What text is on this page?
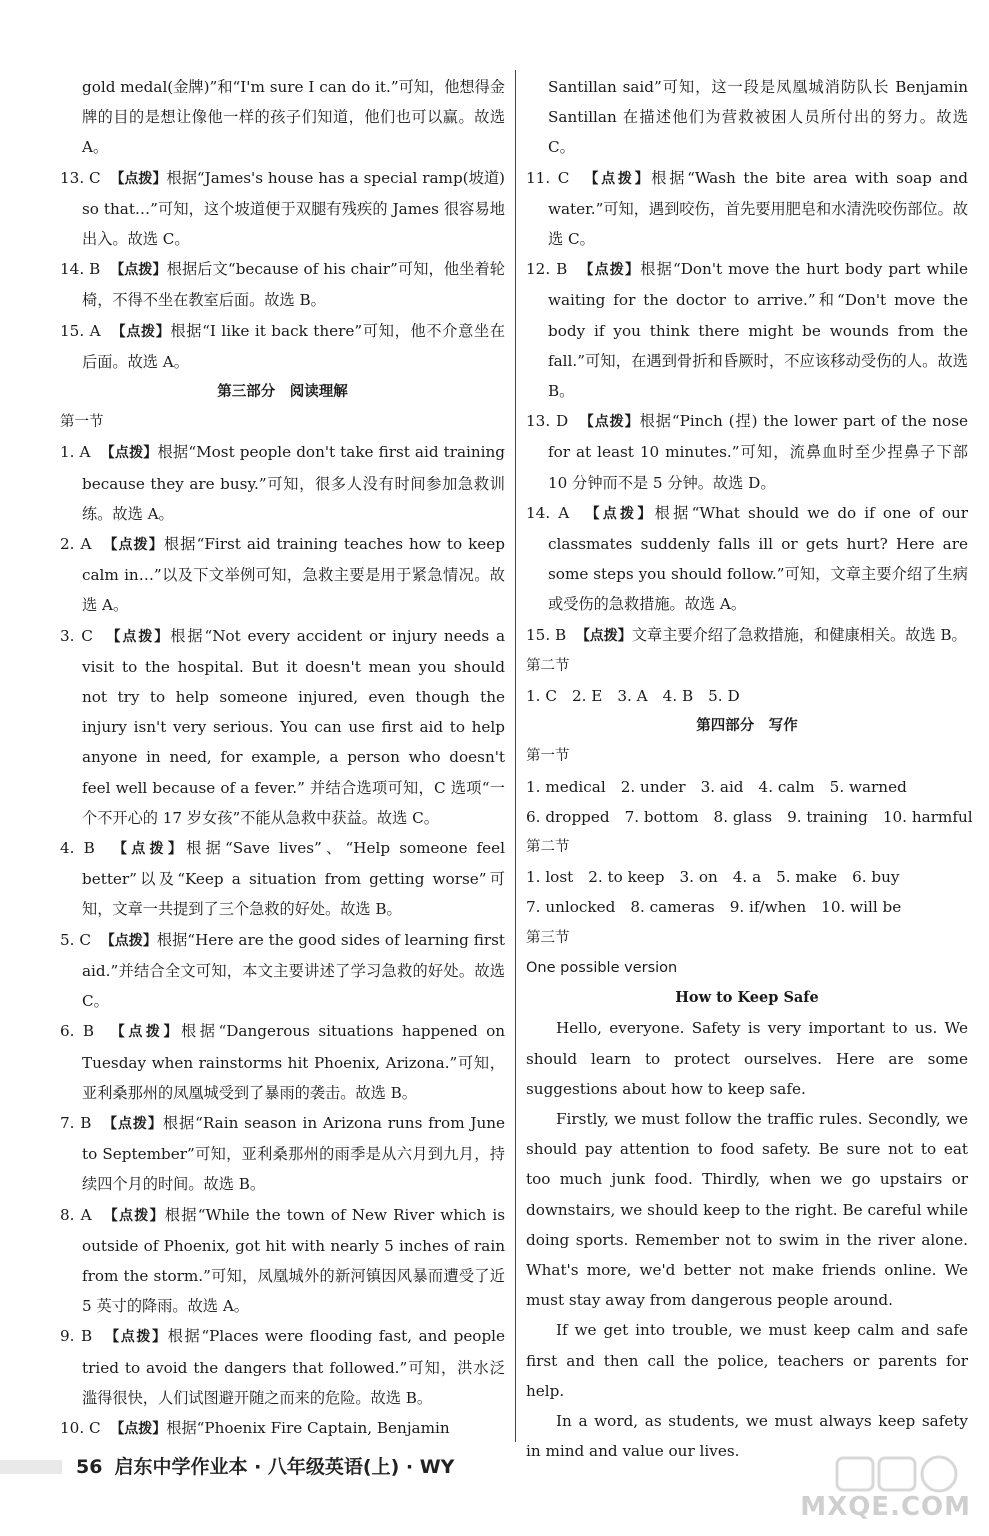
gold medal(金牌)”和“I'm sure I can do it.”可知，他想得金牌的目的是想让像他一样的孩子们知道，他们也可以赢。故选 A。

13. C 【点拨】根据“James's house has a special ramp(坡道) so that…”可知，这个坡道便于双腿有残疾的 James 很容易地出入。故选 C。

14. B 【点拨】根据后文“because of his chair”可知，他坐着轮椅，不得不坐在教室后面。故选 B。

15. A 【点拨】根据“I like it back there”可知，他不介意坐在后面。故选 A。

第三部分　阅读理解

第一节

1. A 【点拨】根据“Most people don't take first aid training because they are busy.”可知，很多人没有时间参加急救训练。故选 A。

2. A 【点拨】根据“First aid training teaches how to keep calm in…”以及下文举例可知，急救主要是用于紧急情况。故选 A。

3. C 【点拨】根据“Not every accident or injury needs a visit to the hospital. But it doesn't mean you should not try to help someone injured, even though the injury isn't very serious. You can use first aid to help anyone in need, for example, a person who doesn't feel well because of a fever.” 并结合选项可知，C 选项“一个不开心的 17 岁女孩”不能从急救中获益。故选 C。

4. B 【点拨】根据“Save lives”、“Help someone feel better”以及“Keep a situation from getting worse”可知，文章一共提到了三个急救的好处。故选 B。

5. C 【点拨】根据“Here are the good sides of learning first aid.”并结合全文可知，本文主要讲述了学习急救的好处。故选 C。

6. B 【点拨】根据“Dangerous situations happened on Tuesday when rainstorms hit Phoenix, Arizona.”可知，亚利桑那州的凤凰城受到了暴雨的袭击。故选 B。

7. B 【点拨】根据“Rain season in Arizona runs from June to September”可知，亚利桑那州的雨季是从六月到九月，持续四个月的时间。故选 B。

8. A 【点拨】根据“While the town of New River which is outside of Phoenix, got hit with nearly 5 inches of rain from the storm.”可知，凤凰城外的新河镇因风暴而遭受了近 5 英寸的降雨。故选 A。

9. B 【点拨】根据“Places were flooding fast, and people tried to avoid the dangers that followed.”可知，洪水泛滥得很快，人们试图避开随之而来的危险。故选 B。

10. C 【点拨】根据“Phoenix Fire Captain, Benjamin

Santillan said”可知，这一段是凤凰城消防队长 Benjamin Santillan 在描述他们为营救被困人员所付出的努力。故选 C。

11. C 【点拨】根据“Wash the bite area with soap and water.”可知，遇到咬伤，首先要用肥皂和水清洗咬伤部位。故选 C。

12. B 【点拨】根据“Don't move the hurt body part while waiting for the doctor to arrive.”和“Don't move the body if you think there might be wounds from the fall.”可知，在遇到骨折和昏厥时，不应该移动受伤的人。故选 B。

13. D 【点拨】根据“Pinch (捏) the lower part of the nose for at least 10 minutes.”可知，流鼻血时至少捏鼻子下部 10 分钟而不是 5 分钟。故选 D。

14. A 【点拨】根据“What should we do if one of our classmates suddenly falls ill or gets hurt? Here are some steps you should follow.”可知，文章主要介绍了生病或受伤的急救措施。故选 A。

15. B 【点拨】文章主要介绍了急救措施，和健康相关。故选 B。

第二节

1. C 2. E 3. A 4. B 5. D

第四部分　写作

第一节

1. medical 2. under 3. aid 4. calm 5. warned
6. dropped 7. bottom 8. glass 9. training 10. harmful

第二节

1. lost 2. to keep 3. on 4. a 5. make 6. buy
7. unlocked 8. cameras 9. if/when 10. will be

第三节

One possible version

How to Keep Safe

Hello, everyone. Safety is very important to us. We should learn to protect ourselves. Here are some suggestions about how to keep safe.

Firstly, we must follow the traffic rules. Secondly, we should pay attention to food safety. Be sure not to eat too much junk food. Thirdly, when we go upstairs or downstairs, we should keep to the right. Be careful while doing sports. Remember not to swim in the river alone. What's more, we'd better not make friends online. We must stay away from dangerous people around.

If we get into trouble, we must keep calm and safe first and then call the police, teachers or parents for help.

In a word, as students, we must always keep safety in mind and value our lives.

56 启东中学作业本 · 八年级英语(上) · WY
MXQE.COM
